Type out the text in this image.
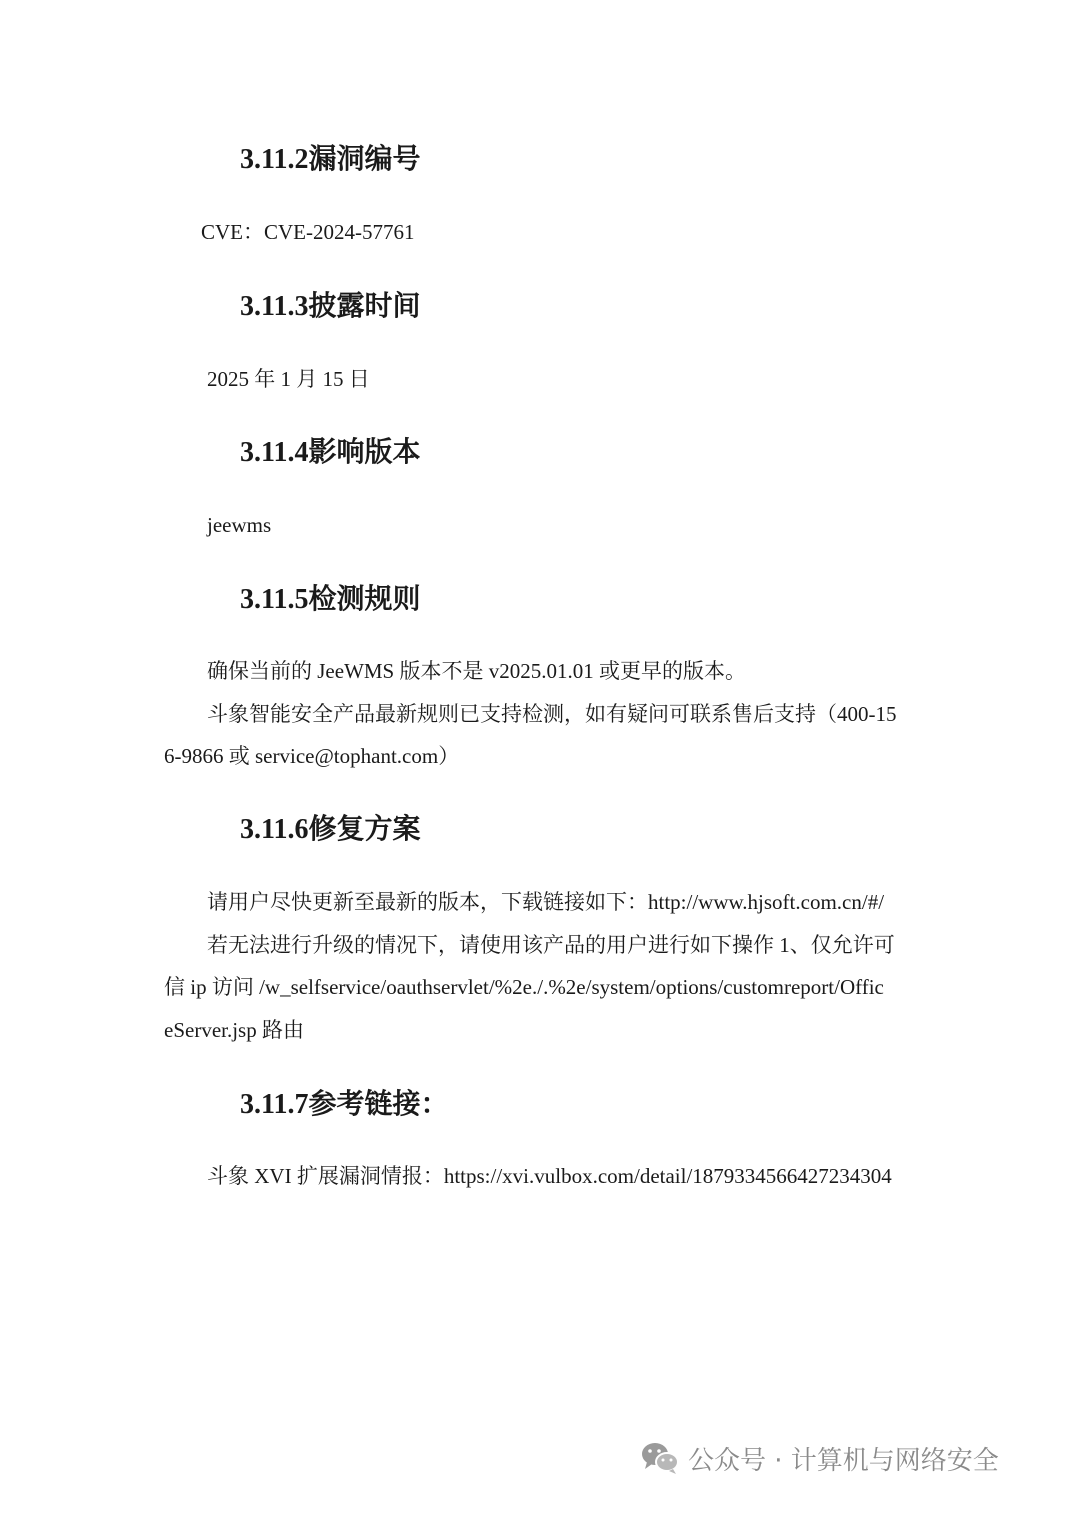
3.11.2漏洞编号

CVE：CVE-2024-57761

3.11.3披露时间

2025 年 1 月 15 日

3.11.4影响版本

jeewms

3.11.5检测规则

确保当前的 JeeWMS 版本不是 v2025.01.01 或更早的版本。

斗象智能安全产品最新规则已支持检测，如有疑问可联系售后支持（400-15

6-9866 或 service@tophant.com）

3.11.6修复方案

请用户尽快更新至最新的版本，下载链接如下：http://www.hjsoft.com.cn/#/

若无法进行升级的情况下，请使用该产品的用户进行如下操作 1、仅允许可

信 ip 访问 /w_selfservice/oauthservlet/%2e./.%2e/system/options/customreport/Offic

eServer.jsp 路由

3.11.7参考链接：

斗象 XVI 扩展漏洞情报：https://xvi.vulbox.com/detail/1879334566427234304

公众号 · 计算机与网络安全
